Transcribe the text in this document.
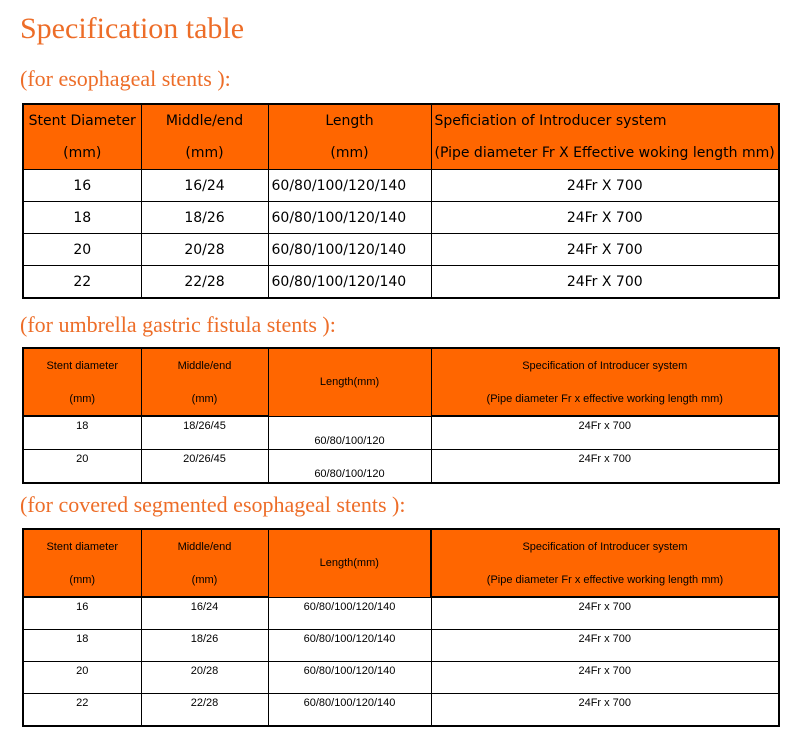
Specification table
(for esophageal stents ):
Stent Diameter	Middle/end	Length	Speficiation of Introducer system
(mm)	(mm)	(mm)	(Pipe diameter Fr X Effective woking length mm)
16	16/24	60/80/100/120/140	24Fr X 700
18	18/26	60/80/100/120/140	24Fr X 700
20	20/28	60/80/100/120/140	24Fr X 700
22	22/28	60/80/100/120/140	24Fr X 700
(for umbrella gastric fistula stents ):
Stent diameter	Middle/end	Length(mm)	Specification of Introducer system
(mm)	(mm)		(Pipe diameter Fr x effective working length mm)
18	18/26/45	60/80/100/120	24Fr x 700
20	20/26/45	60/80/100/120	24Fr x 700
(for covered segmented esophageal stents ):
Stent diameter	Middle/end	Length(mm)	Specification of Introducer system
(mm)	(mm)		(Pipe diameter Fr x effective working length mm)
16	16/24	60/80/100/120/140	24Fr x 700
18	18/26	60/80/100/120/140	24Fr x 700
20	20/28	60/80/100/120/140	24Fr x 700
22	22/28	60/80/100/120/140	24Fr x 700
